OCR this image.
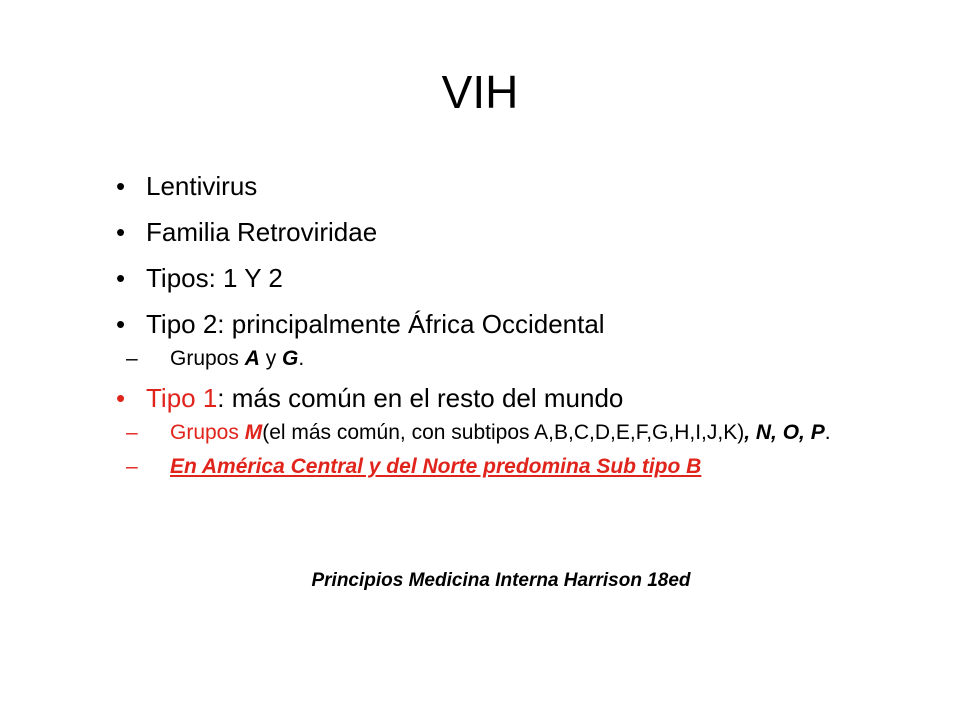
VIH
• Lentivirus
• Familia Retroviridae
• Tipos: 1 Y 2
• Tipo 2: principalmente África Occidental
– Grupos A y G.
• Tipo 1: más común en el resto del mundo
– Grupos M(el más común, con subtipos A,B,C,D,E,F,G,H,I,J,K), N, O, P.
– En América Central y del Norte predomina Sub tipo B
Principios Medicina Interna Harrison 18ed
